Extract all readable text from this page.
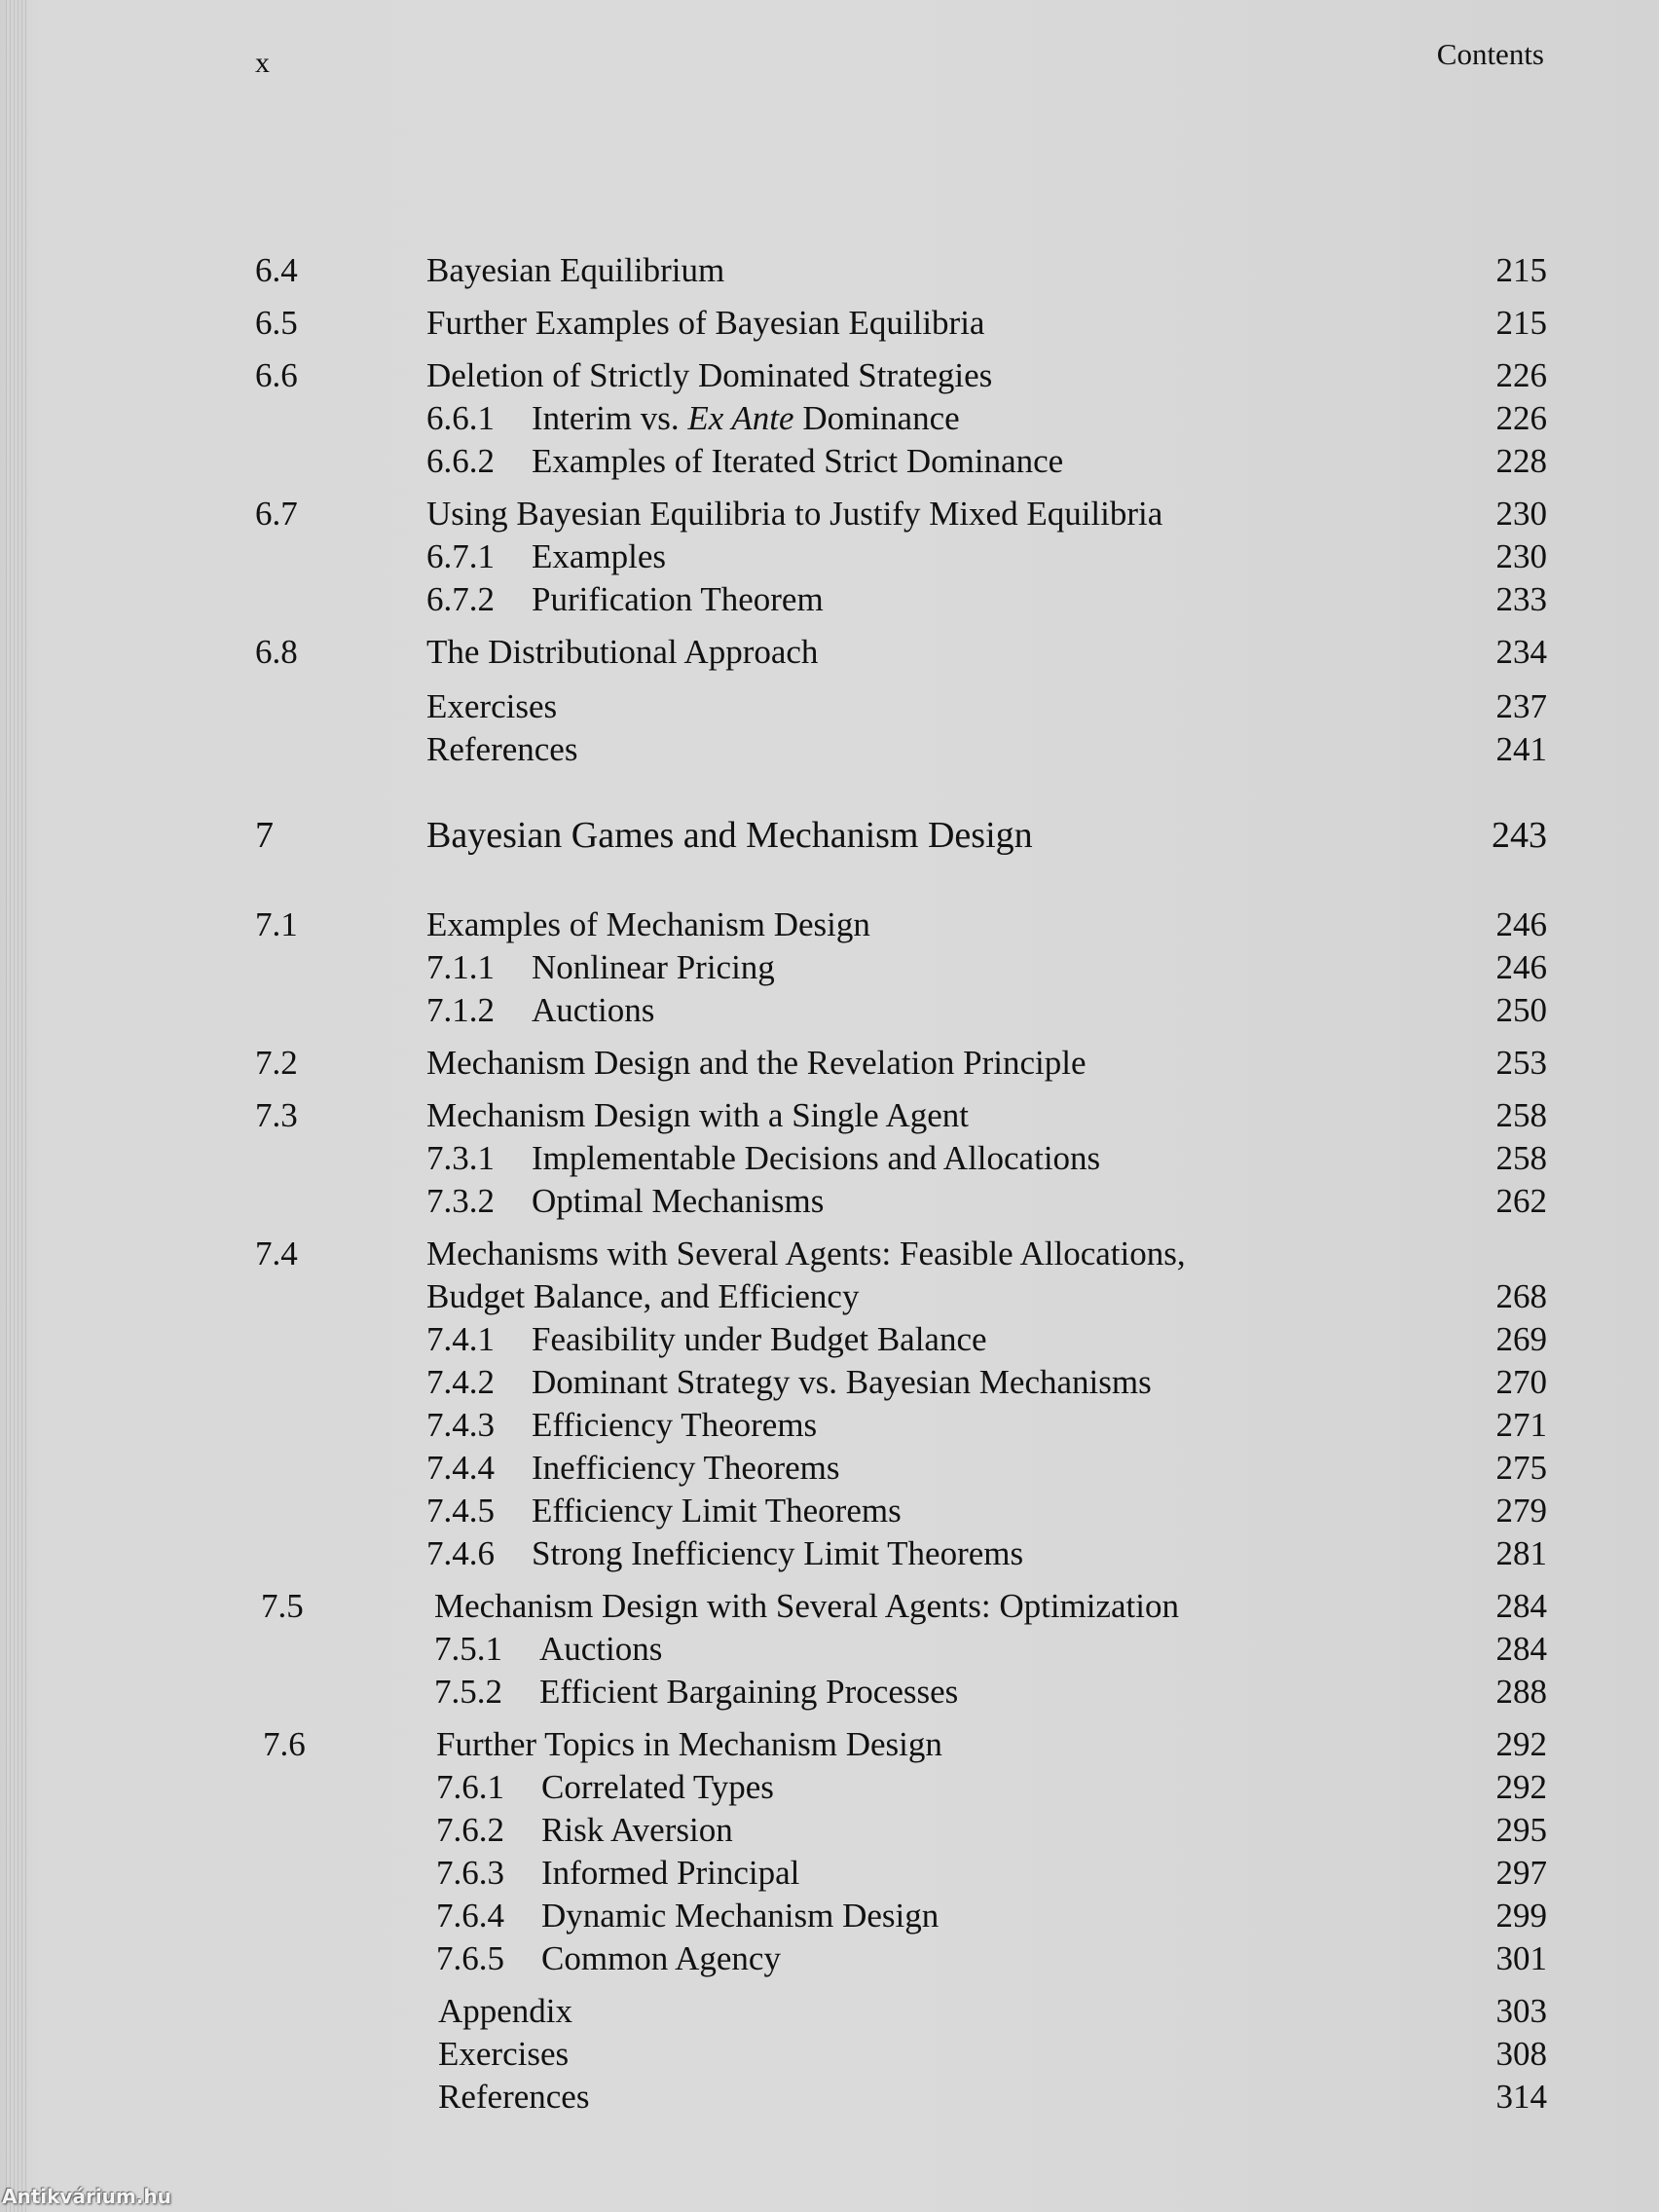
x	Contents
6.4	Bayesian Equilibrium	215
6.5	Further Examples of Bayesian Equilibria	215
6.6	Deletion of Strictly Dominated Strategies	226
6.6.1 Interim vs. Ex Ante Dominance	226
6.6.2 Examples of Iterated Strict Dominance	228
6.7	Using Bayesian Equilibria to Justify Mixed Equilibria	230
6.7.1 Examples	230
6.7.2 Purification Theorem	233
6.8	The Distributional Approach	234
Exercises	237
References	241
7	Bayesian Games and Mechanism Design	243
7.1	Examples of Mechanism Design	246
7.1.1 Nonlinear Pricing	246
7.1.2 Auctions	250
7.2	Mechanism Design and the Revelation Principle	253
7.3	Mechanism Design with a Single Agent	258
7.3.1 Implementable Decisions and Allocations	258
7.3.2 Optimal Mechanisms	262
7.4	Mechanisms with Several Agents: Feasible Allocations,
Budget Balance, and Efficiency	268
7.4.1 Feasibility under Budget Balance	269
7.4.2 Dominant Strategy vs. Bayesian Mechanisms	270
7.4.3 Efficiency Theorems	271
7.4.4 Inefficiency Theorems	275
7.4.5 Efficiency Limit Theorems	279
7.4.6 Strong Inefficiency Limit Theorems	281
7.5	Mechanism Design with Several Agents: Optimization	284
7.5.1 Auctions	284
7.5.2 Efficient Bargaining Processes	288
7.6	Further Topics in Mechanism Design	292
7.6.1 Correlated Types	292
7.6.2 Risk Aversion	295
7.6.3 Informed Principal	297
7.6.4 Dynamic Mechanism Design	299
7.6.5 Common Agency	301
Appendix	303
Exercises	308
References	314
Antikvárium.hu
